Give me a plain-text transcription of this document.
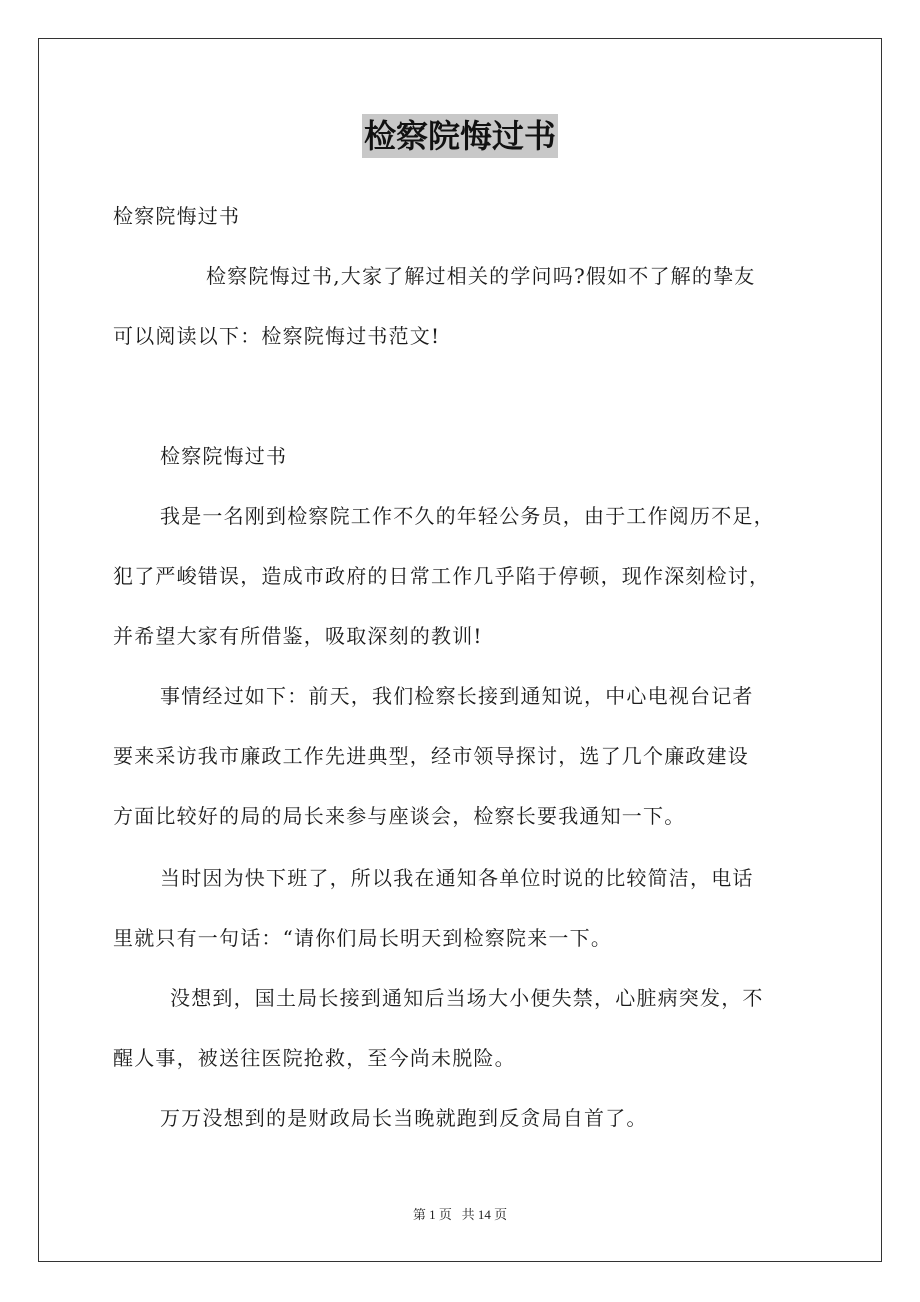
检察院悔过书
检察院悔过书
检察院悔过书,大家了解过相关的学问吗?假如不了解的挚友
可以阅读以下：检察院悔过书范文!
检察院悔过书
我是一名刚到检察院工作不久的年轻公务员，由于工作阅历不足，
犯了严峻错误，造成市政府的日常工作几乎陷于停顿，现作深刻检讨，
并希望大家有所借鉴，吸取深刻的教训!
事情经过如下：前天，我们检察长接到通知说，中心电视台记者
要来采访我市廉政工作先进典型，经市领导探讨，选了几个廉政建设
方面比较好的局的局长来参与座谈会，检察长要我通知一下。
当时因为快下班了，所以我在通知各单位时说的比较简洁，电话
里就只有一句话：“请你们局长明天到检察院来一下。
没想到，国土局长接到通知后当场大小便失禁，心脏病突发，不
醒人事，被送往医院抢救，至今尚未脱险。
万万没想到的是财政局长当晚就跑到反贪局自首了。
第 1 页   共 14 页
